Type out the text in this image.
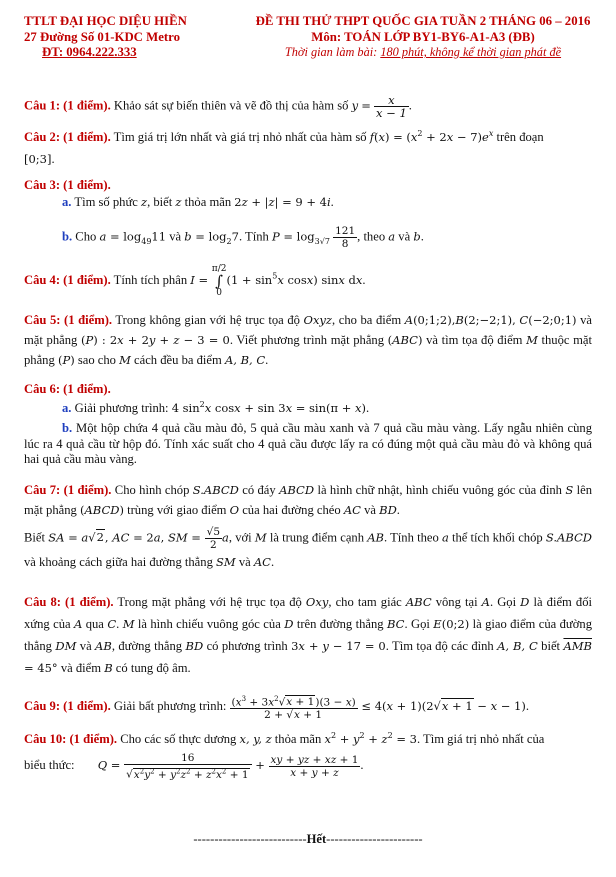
TTLT ĐẠI HỌC DIỆU HIỀN
27 Đường Số 01-KDC Metro
ĐT: 0964.222.333
ĐỀ THI THỬ THPT QUỐC GIA TUẦN 2 THÁNG 06 – 2016
Môn: TOÁN LỚP BY1-BY6-A1-A3 (ĐB)
Thời gian làm bài: 180 phút, không kể thời gian phát đề

Câu 1: (1 điểm). Khảo sát sự biến thiên và vẽ đồ thị của hàm số $y = \frac{x}{x - 1}$ .

Câu 2: (1 điểm). Tìm giá trị lớn nhất và giá trị nhỏ nhất của hàm số $f(x) = (x^2 + 2x - 7)e^x$ trên đoạn

[0;3].

Câu 3: (1 điểm).

a. Tìm số phức z, biết z thỏa mãn 2z + |z| = 9 + 4i.

b. Cho $a = \log_{49}11$ và $b = \log_27$. Tính $P = \log_{3√7} \frac{121}{8}$ , theo a và b.

Câu 4: (1 điểm). Tính tích phân I =
π/2
∫
0
($1 + \sin^5x$ cosx) sinx dx.

Câu 5: (1 điểm). Trong không gian với hệ trục tọa độ Oxyz, cho ba điểm A(0;1;2),B(2;−2;1), C(−2;0;1) và mặt phẳng (P) : 2x + 2y + z − 3 = 0. Viết phương trình mặt phẳng (ABC) và tìm tọa độ điểm M thuộc mặt phẳng (P) sao cho M cách đều ba điểm A, B, C.

Câu 6: (1 điểm).

a. Giải phương trình: 4 $\sin^2x$ cosx + sin 3x = sin(π + x).

b. Một hộp chứa 4 quả cầu màu đỏ, 5 quả cầu màu xanh và 7 quả cầu màu vàng. Lấy ngẫu nhiên cùng lúc ra 4 quả cầu từ hộp đó. Tính xác suất cho 4 quả cầu được lấy ra có đúng một quả cầu màu đỏ và không quá hai quả cầu màu vàng.

Câu 7: (1 điểm). Cho hình chóp S.ABCD có đáy ABCD là hình chữ nhật, hình chiếu vuông góc của đỉnh S lên mặt phẳng (ABCD) trùng với giao điểm O của hai đường chéo AC và BD.

Biết SA = a√2, AC = 2a, SM = $\frac{√5}{2} a$, với M là trung điểm cạnh AB. Tính theo a thể tích khối chóp S.ABCD và khoảng cách giữa hai đường thẳng SM và AC.

Câu 8: (1 điểm). Trong mặt phẳng với hệ trục tọa độ Oxy, cho tam giác ABC vông tại A. Gọi D là điểm đối xứng của A qua C. M là hình chiếu vuông góc của D trên đường thẳng BC. Gọi E(0;2) là giao điểm của đường thẳng DM và AB, đường thẳng BD có phương trình 3x + y − 17 = 0. Tìm tọa độ các đỉnh A, B, C biết $\overline{AMB} = 45^\circ$ và điểm B có tung độ âm.

Câu 9: (1 điểm). Giải bất phương trình: $\frac{(x^3 + 3x^2√x + 1)(3 - x)}{2 + √x + 1} \le 4(x + 1)(2√x + 1 - x - 1)$.

Câu 10: (1 điểm). Cho các số thực dương x, y, z thỏa mãn $x^2 + y^2 + z^2 = 3$. Tìm giá trị nhỏ nhất của

biểu thức: $Q = \frac{16}{√x^2y^2 + y^2z^2 + z^2x^2 + 1} + \frac{xy + yz + xz + 1}{x + y + z}$ .

---------------------------Hết-----------------------
